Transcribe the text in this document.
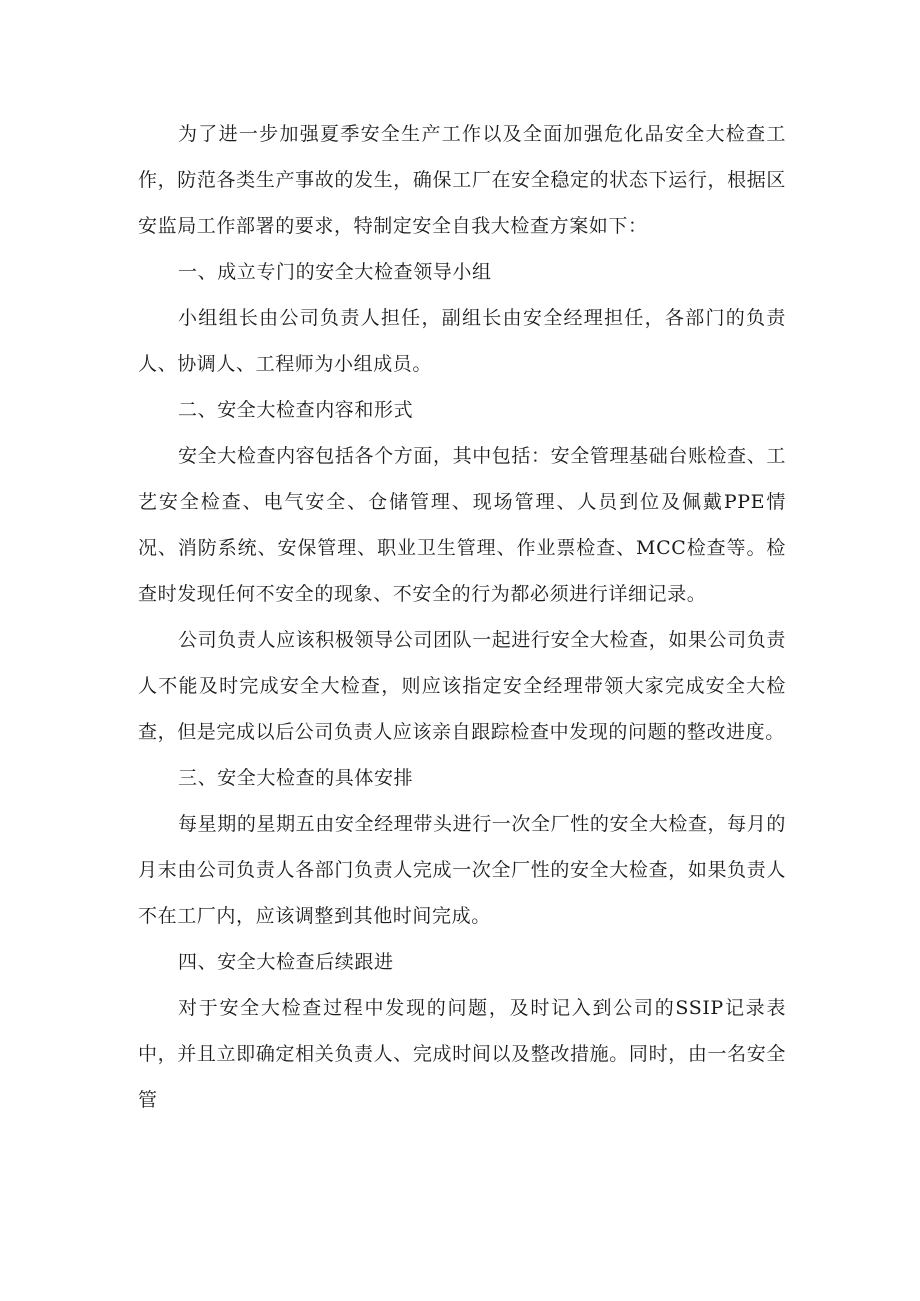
为了进一步加强夏季安全生产工作以及全面加强危化品安全大检查工作，防范各类生产事故的发生，确保工厂在安全稳定的状态下运行，根据区安监局工作部署的要求，特制定安全自我大检查方案如下：

一、成立专门的安全大检查领导小组

小组组长由公司负责人担任，副组长由安全经理担任，各部门的负责人、协调人、工程师为小组成员。

二、安全大检查内容和形式

安全大检查内容包括各个方面，其中包括：安全管理基础台账检查、工艺安全检查、电气安全、仓储管理、现场管理、人员到位及佩戴PPE情况、消防系统、安保管理、职业卫生管理、作业票检查、MCC检查等。检查时发现任何不安全的现象、不安全的行为都必须进行详细记录。

公司负责人应该积极领导公司团队一起进行安全大检查，如果公司负责人不能及时完成安全大检查，则应该指定安全经理带领大家完成安全大检查，但是完成以后公司负责人应该亲自跟踪检查中发现的问题的整改进度。

三、安全大检查的具体安排

每星期的星期五由安全经理带头进行一次全厂性的安全大检查，每月的月末由公司负责人各部门负责人完成一次全厂性的安全大检查，如果负责人不在工厂内，应该调整到其他时间完成。

四、安全大检查后续跟进

对于安全大检查过程中发现的问题，及时记入到公司的SSIP记录表中，并且立即确定相关负责人、完成时间以及整改措施。同时，由一名安全管
